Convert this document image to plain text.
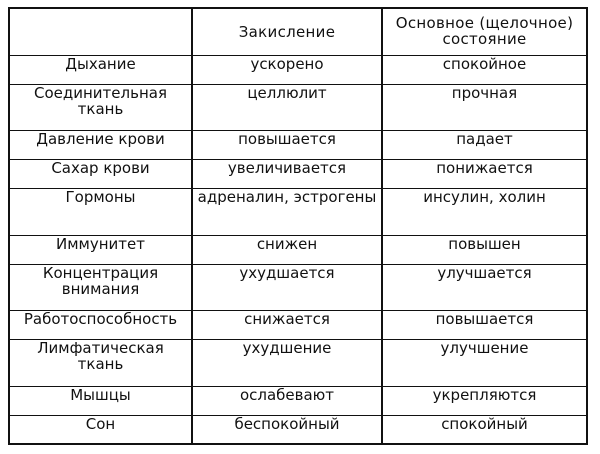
	Закисление	Основное (щелочное) состояние
Дыхание	ускорено	спокойное
Соединительная ткань	целлюлит	прочная
Давление крови	повышается	падает
Сахар крови	увеличивается	понижается
Гормоны	адреналин, эстрогены	инсулин, холин
Иммунитет	снижен	повышен
Концентрация внимания	ухудшается	улучшается
Работоспособность	снижается	повышается
Лимфатическая ткань	ухудшение	улучшение
Мышцы	ослабевают	укрепляются
Сон	беспокойный	спокойный
